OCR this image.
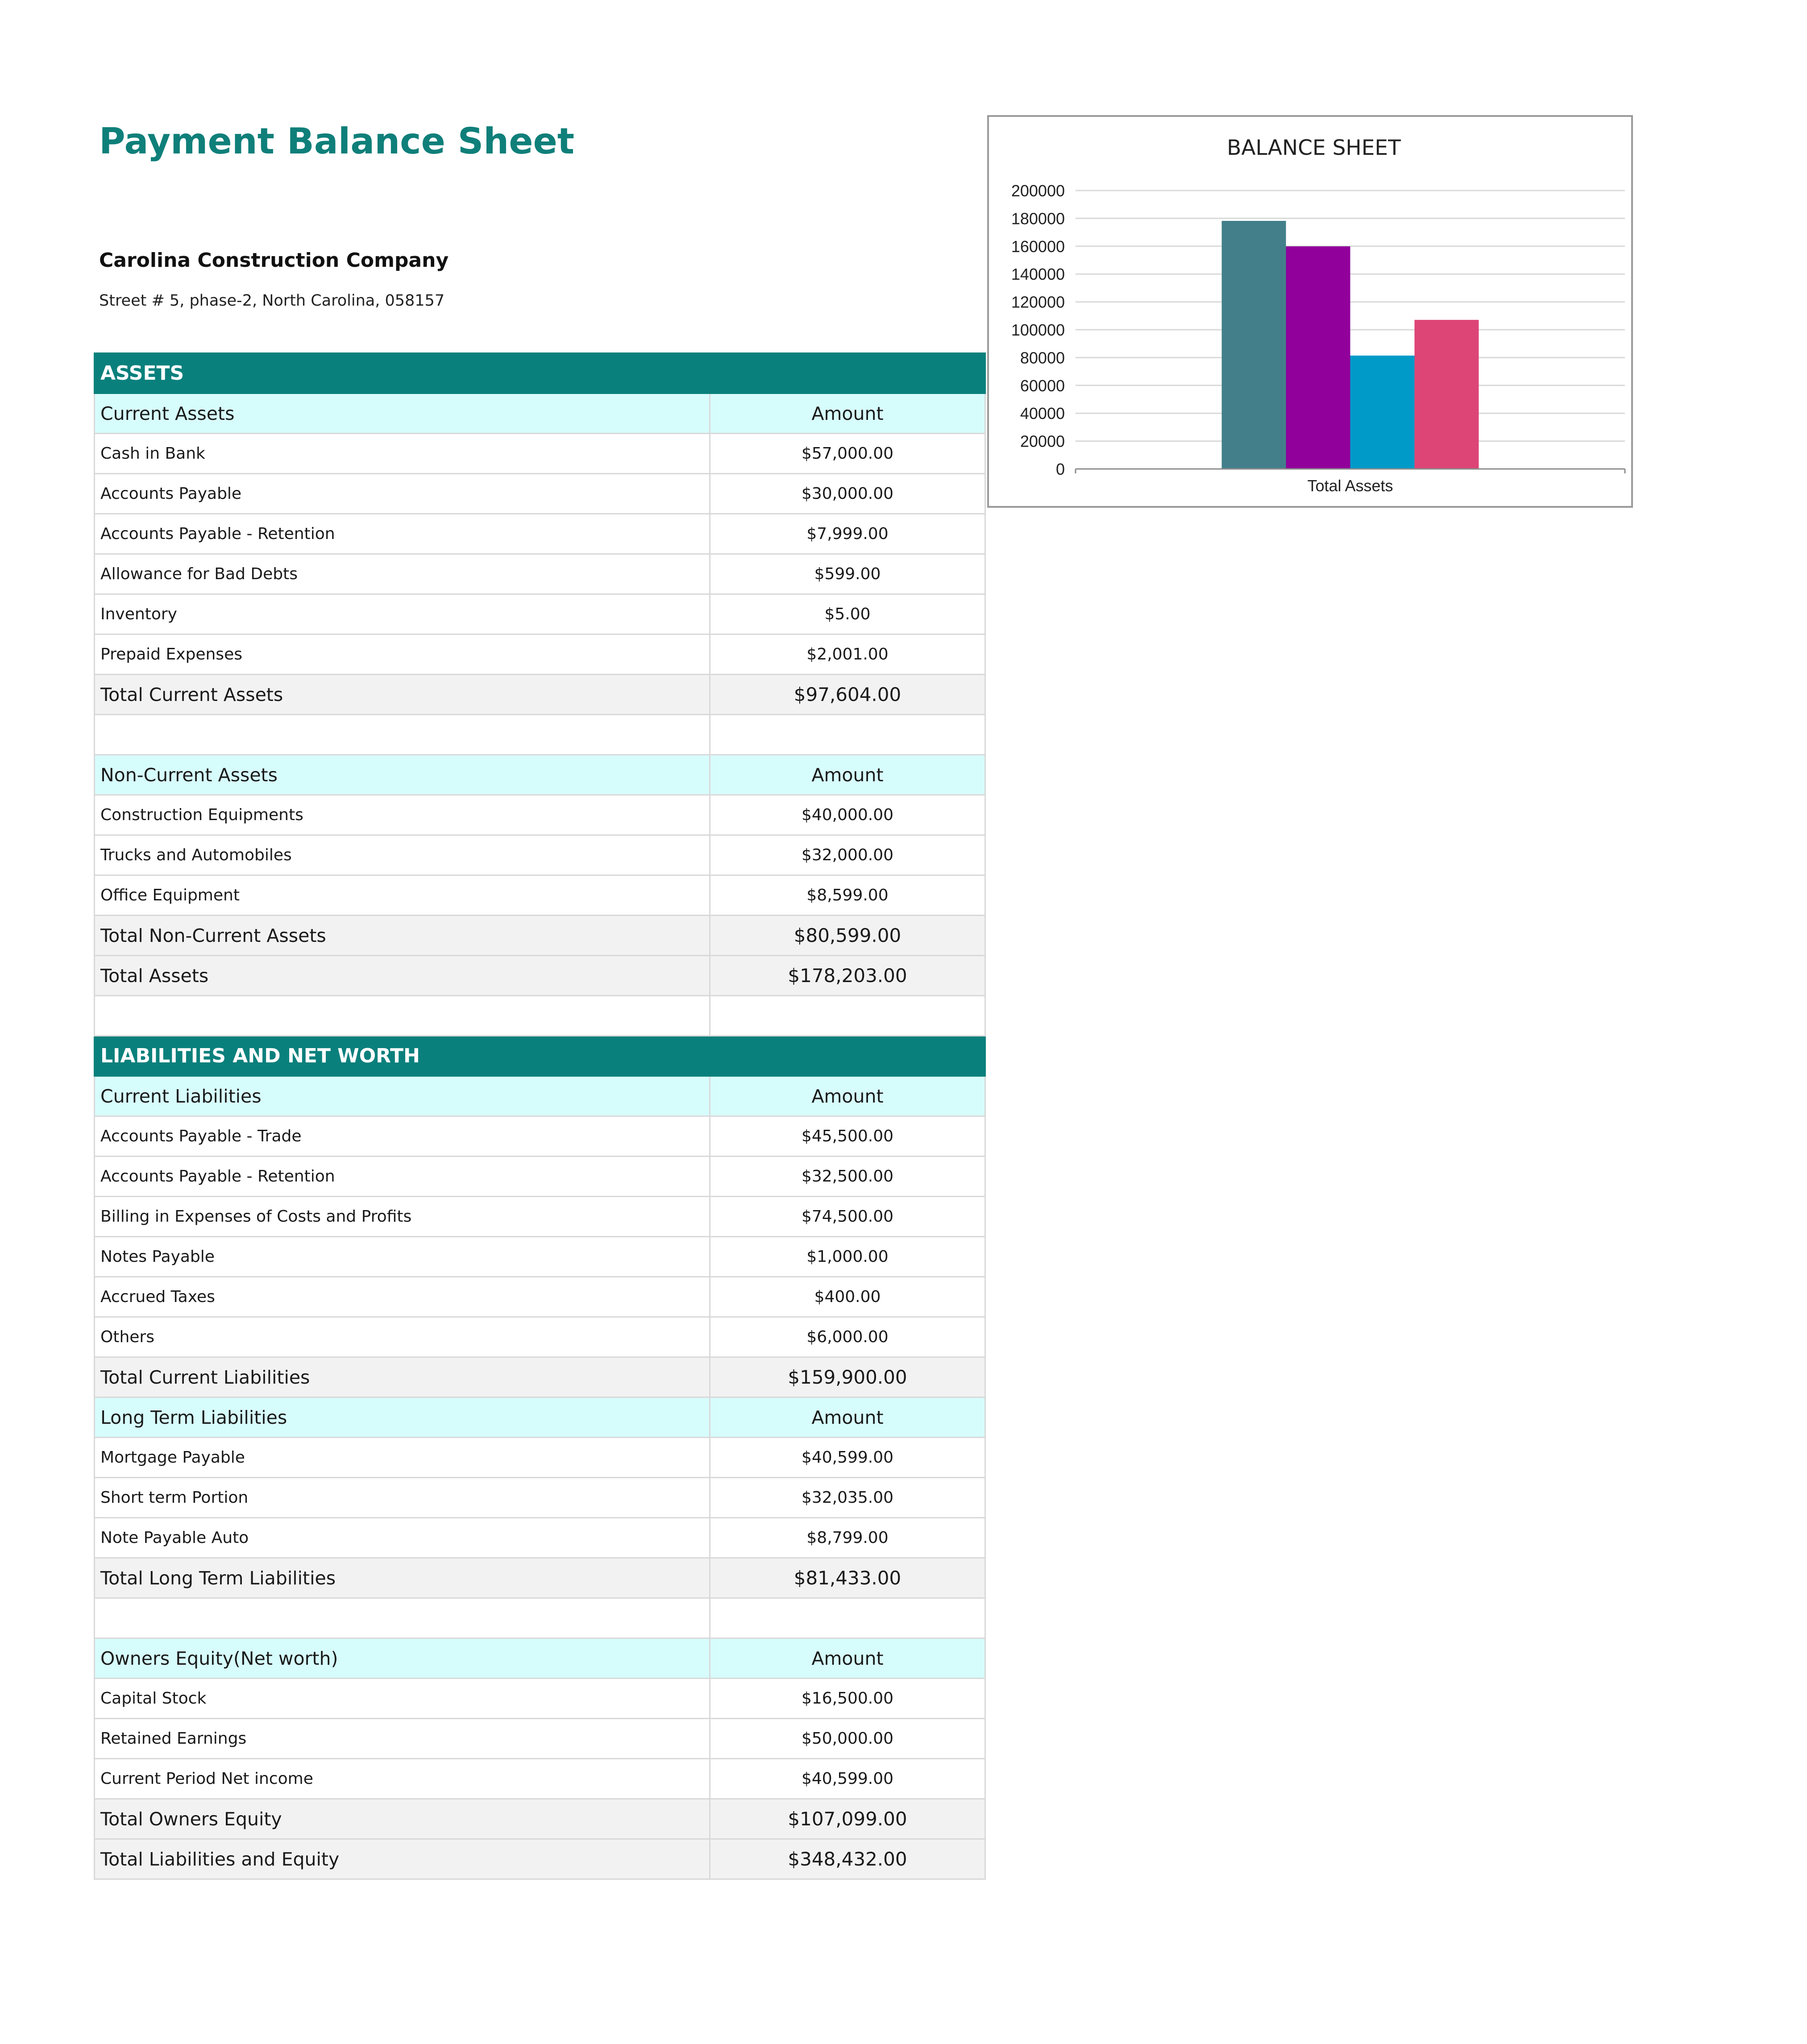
Payment Balance Sheet
Carolina Construction Company
Street # 5, phase-2, North Carolina, 058157
ASSETS	
Current Assets	Amount
Cash in Bank	$57,000.00
Accounts Payable	$30,000.00
Accounts Payable - Retention	$7,999.00
Allowance for Bad Debts	$599.00
Inventory	$5.00
Prepaid Expenses	$2,001.00
Total Current Assets	$97,604.00

Non-Current Assets	Amount
Construction Equipments	$40,000.00
Trucks and Automobiles	$32,000.00
Office Equipment	$8,599.00
Total Non-Current Assets	$80,599.00
Total Assets	$178,203.00

LIABILITIES AND NET WORTH	
Current Liabilities	Amount
Accounts Payable - Trade	$45,500.00
Accounts Payable - Retention	$32,500.00
Billing in Expenses of Costs and Profits	$74,500.00
Notes Payable	$1,000.00
Accrued Taxes	$400.00
Others	$6,000.00
Total Current Liabilities	$159,900.00
Long Term Liabilities	Amount
Mortgage Payable	$40,599.00
Short term Portion	$32,035.00
Note Payable Auto	$8,799.00
Total Long Term Liabilities	$81,433.00

Owners Equity(Net worth)	Amount
Capital Stock	$16,500.00
Retained Earnings	$50,000.00
Current Period Net income	$40,599.00
Total Owners Equity	$107,099.00
Total Liabilities and Equity	$348,432.00
BALANCE SHEET
0
20000
40000
60000
80000
100000
120000
140000
160000
180000
200000
Total Assets
